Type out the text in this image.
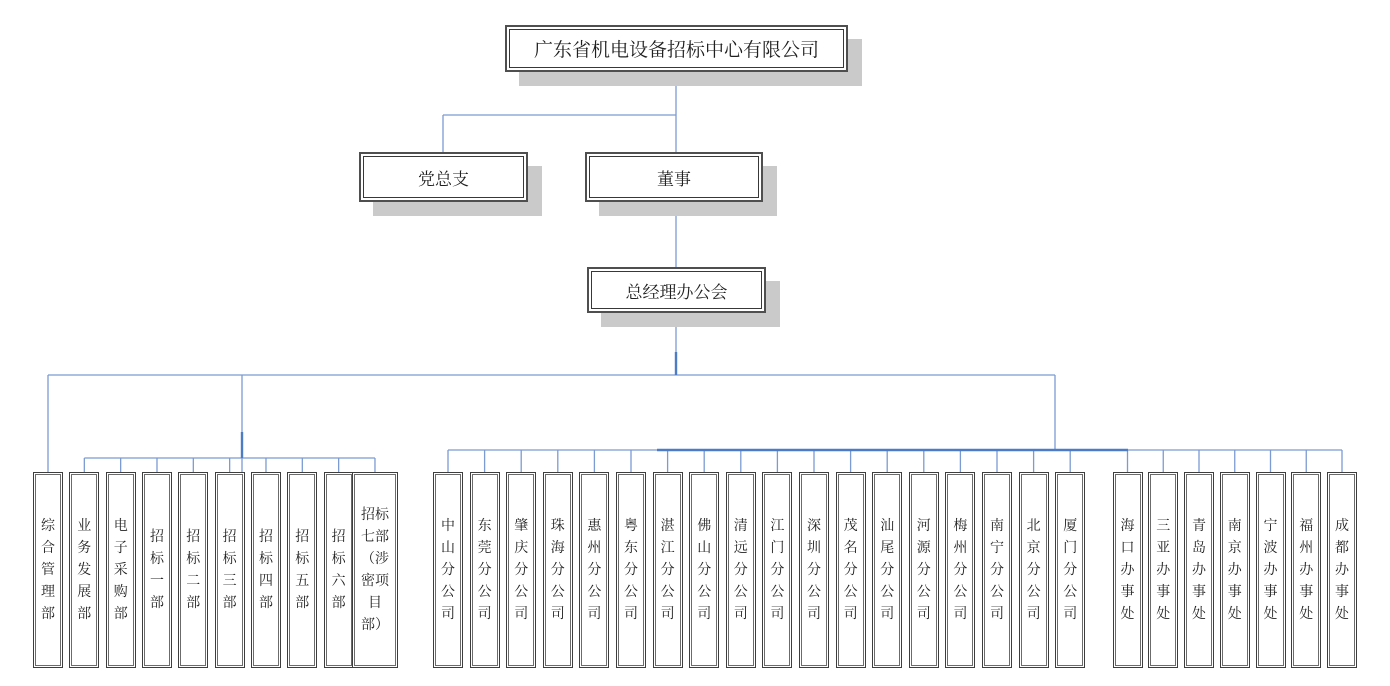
广东省机电设备招标中心有限公司
党总支	董事
总经理办公会
综合管理部
业务发展部
电子采购部
招标一部
招标二部
招标三部
招标四部
招标五部
招标六部
招标七部（涉密项目部）
中山分公司
东莞分公司
肇庆分公司
珠海分公司
惠州分公司
粤东分公司
湛江分公司
佛山分公司
清远分公司
江门分公司
深圳分公司
茂名分公司
汕尾分公司
河源分公司
梅州分公司
南宁分公司
北京分公司
厦门分公司
海口办事处
三亚办事处
青岛办事处
南京办事处
宁波办事处
福州办事处
成都办事处
